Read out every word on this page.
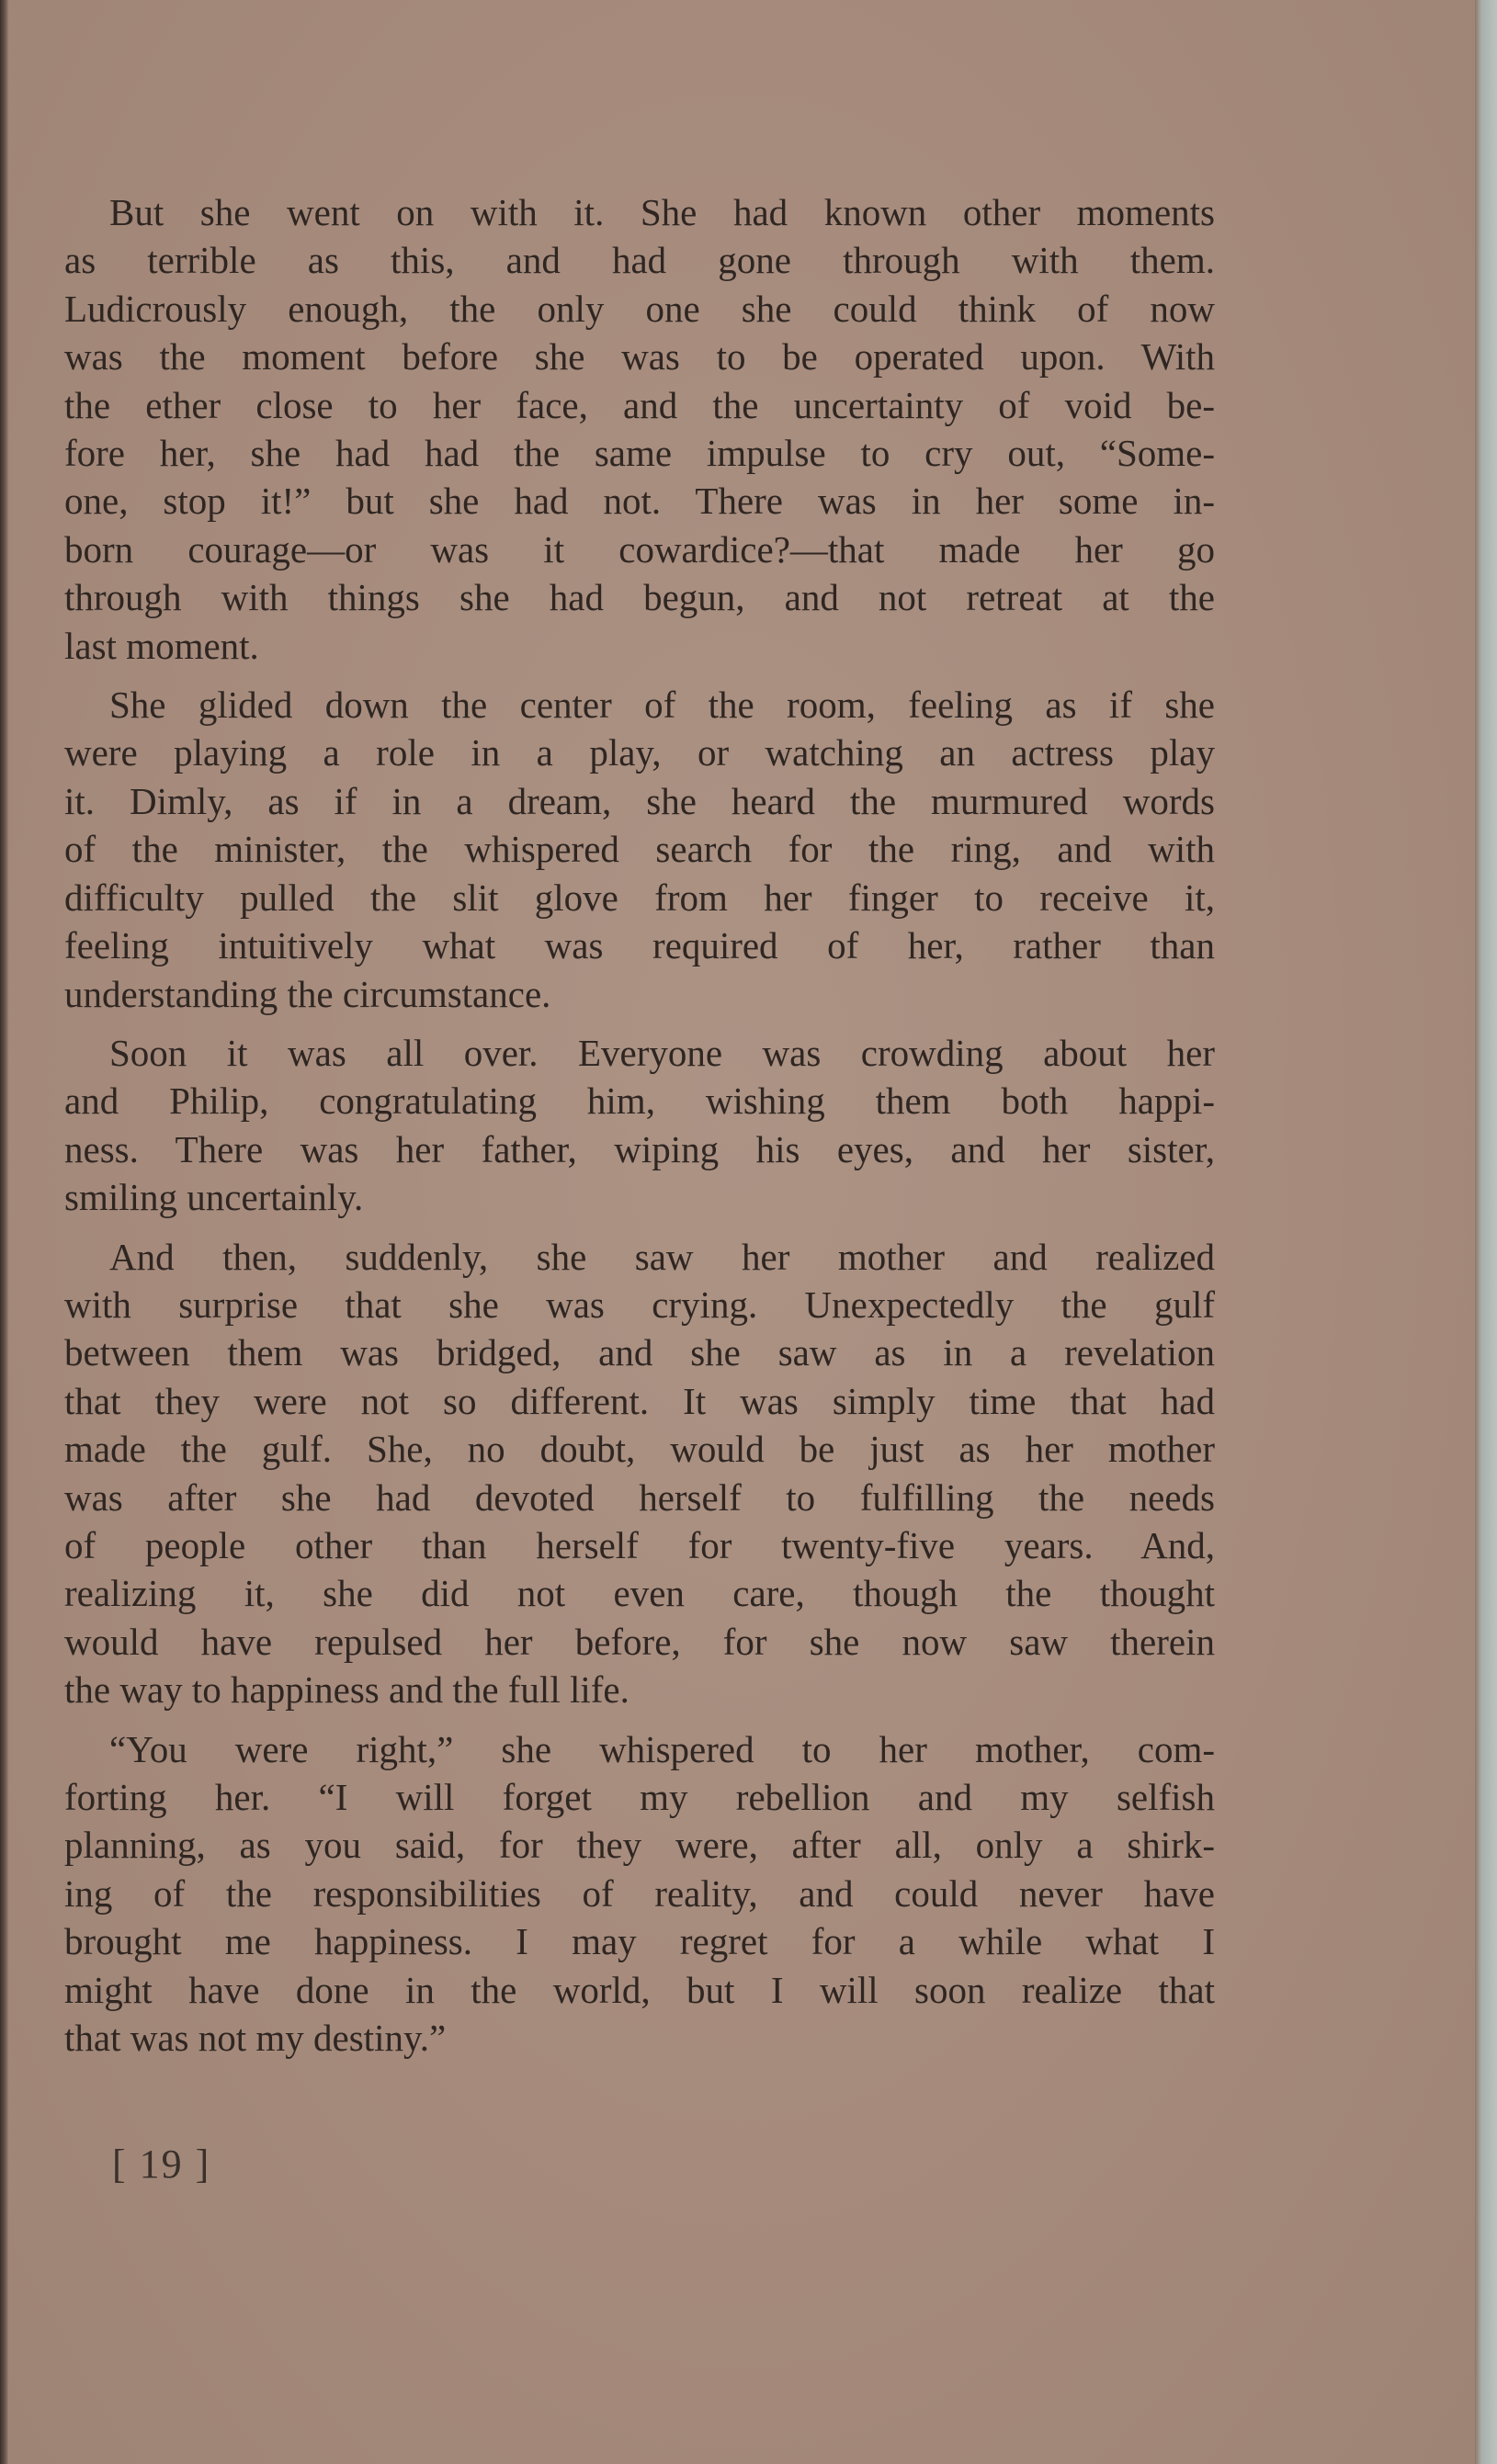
But she went on with it. She had known other moments
as terrible as this, and had gone through with them.
Ludicrously enough, the only one she could think of now
was the moment before she was to be operated upon. With
the ether close to her face, and the uncertainty of void be-
fore her, she had had the same impulse to cry out, “Some-
one, stop it!” but she had not. There was in her some in-
born courage—or was it cowardice?—that made her go
through with things she had begun, and not retreat at the
last moment.

She glided down the center of the room, feeling as if she
were playing a role in a play, or watching an actress play
it. Dimly, as if in a dream, she heard the murmured words
of the minister, the whispered search for the ring, and with
difficulty pulled the slit glove from her finger to receive it,
feeling intuitively what was required of her, rather than
understanding the circumstance.

Soon it was all over. Everyone was crowding about her
and Philip, congratulating him, wishing them both happi-
ness. There was her father, wiping his eyes, and her sister,
smiling uncertainly.

And then, suddenly, she saw her mother and realized
with surprise that she was crying. Unexpectedly the gulf
between them was bridged, and she saw as in a revelation
that they were not so different. It was simply time that had
made the gulf. She, no doubt, would be just as her mother
was after she had devoted herself to fulfilling the needs
of people other than herself for twenty-five years. And,
realizing it, she did not even care, though the thought
would have repulsed her before, for she now saw therein
the way to happiness and the full life.

“You were right,” she whispered to her mother, com-
forting her. “I will forget my rebellion and my selfish
planning, as you said, for they were, after all, only a shirk-
ing of the responsibilities of reality, and could never have
brought me happiness. I may regret for a while what I
might have done in the world, but I will soon realize that
that was not my destiny.”

[ 19 ]
